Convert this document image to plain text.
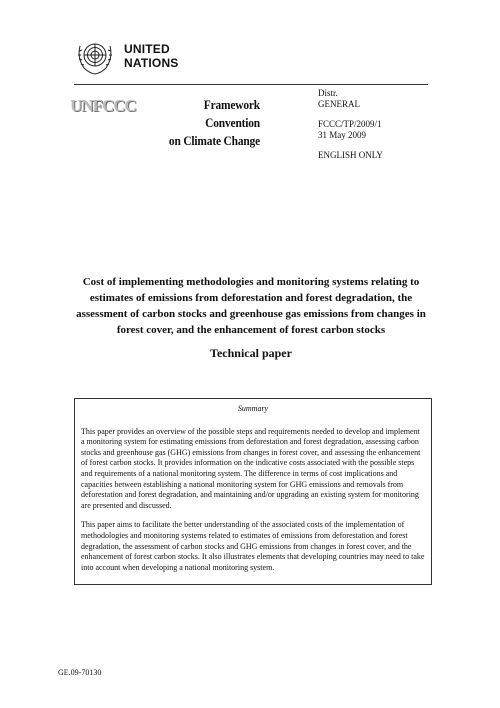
UNITED
NATIONS
UNFCCC	Framework Convention
on Climate Change
Distr.
GENERAL
FCCC/TP/2009/1
31 May 2009
ENGLISH ONLY
Cost of implementing methodologies and monitoring systems relating to estimates of emissions from deforestation and forest degradation, the assessment of carbon stocks and greenhouse gas emissions from changes in forest cover, and the enhancement of forest carbon stocks
Technical paper
Summary

This paper provides an overview of the possible steps and requirements needed to develop and implement a monitoring system for estimating emissions from deforestation and forest degradation, assessing carbon stocks and greenhouse gas (GHG) emissions from changes in forest cover, and assessing the enhancement of forest carbon stocks. It provides information on the indicative costs associated with the possible steps and requirements of a national monitoring system. The difference in terms of cost implications and capacities between establishing a national monitoring system for GHG emissions and removals from deforestation and forest degradation, and maintaining and/or upgrading an existing system for monitoring are presented and discussed.

This paper aims to facilitate the better understanding of the associated costs of the implementation of methodologies and monitoring systems related to estimates of emissions from deforestation and forest degradation, the assessment of carbon stocks and GHG emissions from changes in forest cover, and the enhancement of forest carbon stocks. It also illustrates elements that developing countries may need to take into account when developing a national monitoring system.

GE.09-70130
